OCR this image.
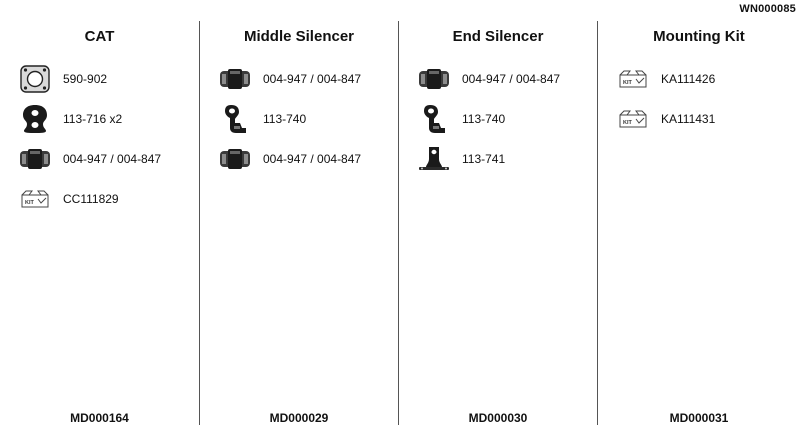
WN000085
CAT
590-902
113-716 x2
004-947 / 004-847
KIT CC111829
MD000164
Middle Silencer
004-947 / 004-847
113-740
004-947 / 004-847
MD000029
End Silencer
004-947 / 004-847
113-740
113-741
MD000030
Mounting Kit
KIT KA111426
KIT KA111431
MD000031
